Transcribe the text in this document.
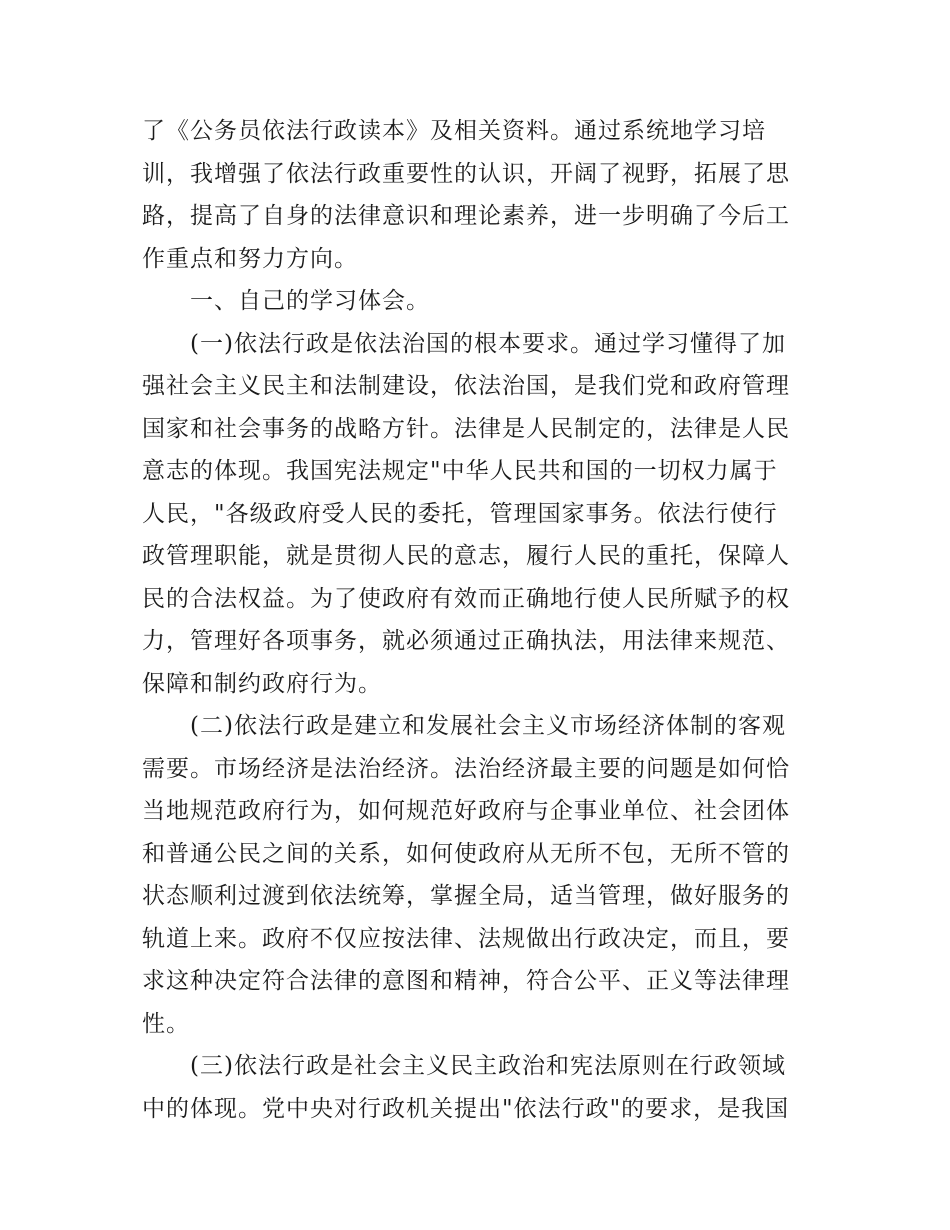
了《公务员依法行政读本》及相关资料。通过系统地学习培
训，我增强了依法行政重要性的认识，开阔了视野，拓展了思
路，提高了自身的法律意识和理论素养，进一步明确了今后工
作重点和努力方向。

一、自己的学习体会。

(一)依法行政是依法治国的根本要求。通过学习懂得了加
强社会主义民主和法制建设，依法治国，是我们党和政府管理
国家和社会事务的战略方针。法律是人民制定的，法律是人民
意志的体现。我国宪法规定"中华人民共和国的一切权力属于
人民，"各级政府受人民的委托，管理国家事务。依法行使行
政管理职能，就是贯彻人民的意志，履行人民的重托，保障人
民的合法权益。为了使政府有效而正确地行使人民所赋予的权
力，管理好各项事务，就必须通过正确执法，用法律来规范、
保障和制约政府行为。

(二)依法行政是建立和发展社会主义市场经济体制的客观
需要。市场经济是法治经济。法治经济最主要的问题是如何恰
当地规范政府行为，如何规范好政府与企事业单位、社会团体
和普通公民之间的关系，如何使政府从无所不包，无所不管的
状态顺利过渡到依法统筹，掌握全局，适当管理，做好服务的
轨道上来。政府不仅应按法律、法规做出行政决定，而且，要
求这种决定符合法律的意图和精神，符合公平、正义等法律理
性。

(三)依法行政是社会主义民主政治和宪法原则在行政领域
中的体现。党中央对行政机关提出"依法行政"的要求，是我国
